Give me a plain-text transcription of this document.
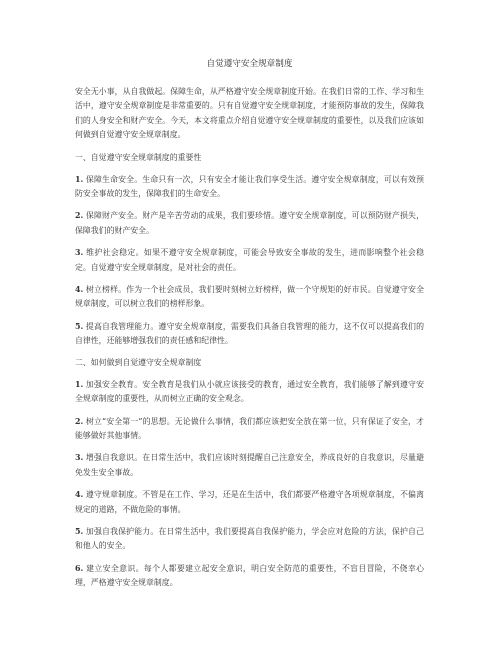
自觉遵守安全规章制度
安全无小事，从自我做起。保障生命，从严格遵守安全规章制度开始。在我们日常的工作、学习和生活中，遵守安全规章制度是非常重要的。只有自觉遵守安全规章制度，才能预防事故的发生，保障我们的人身安全和财产安全。今天，本文将重点介绍自觉遵守安全规章制度的重要性，以及我们应该如何做到自觉遵守安全规章制度。
一、自觉遵守安全规章制度的重要性
1. 保障生命安全。生命只有一次，只有安全才能让我们享受生活。遵守安全规章制度，可以有效预防安全事故的发生，保障我们的生命安全。
2. 保障财产安全。财产是辛苦劳动的成果，我们要珍惜。遵守安全规章制度，可以预防财产损失，保障我们的财产安全。
3. 维护社会稳定。如果不遵守安全规章制度，可能会导致安全事故的发生，进而影响整个社会稳定。自觉遵守安全规章制度，是对社会的责任。
4. 树立榜样。作为一个社会成员，我们要时刻树立好榜样，做一个守规矩的好市民。自觉遵守安全规章制度，可以树立我们的榜样形象。
5. 提高自我管理能力。遵守安全规章制度，需要我们具备自我管理的能力，这不仅可以提高我们的自律性，还能够增强我们的责任感和纪律性。
二、如何做到自觉遵守安全规章制度
1. 加强安全教育。安全教育是我们从小就应该接受的教育，通过安全教育，我们能够了解到遵守安全规章制度的重要性，从而树立正确的安全观念。
2. 树立“安全第一”的思想。无论做什么事情，我们都应该把安全放在第一位，只有保证了安全，才能够做好其他事情。
3. 增强自我意识。在日常生活中，我们应该时刻提醒自己注意安全，养成良好的自我意识，尽量避免发生安全事故。
4. 遵守规章制度。不管是在工作、学习，还是在生活中，我们都要严格遵守各项规章制度，不偏离规定的道路，不做危险的事情。
5. 加强自我保护能力。在日常生活中，我们要提高自我保护能力，学会应对危险的方法，保护自己和他人的安全。
6. 建立安全意识。每个人都要建立起安全意识，明白安全防范的重要性，不盲目冒险，不侥幸心理，严格遵守安全规章制度。
